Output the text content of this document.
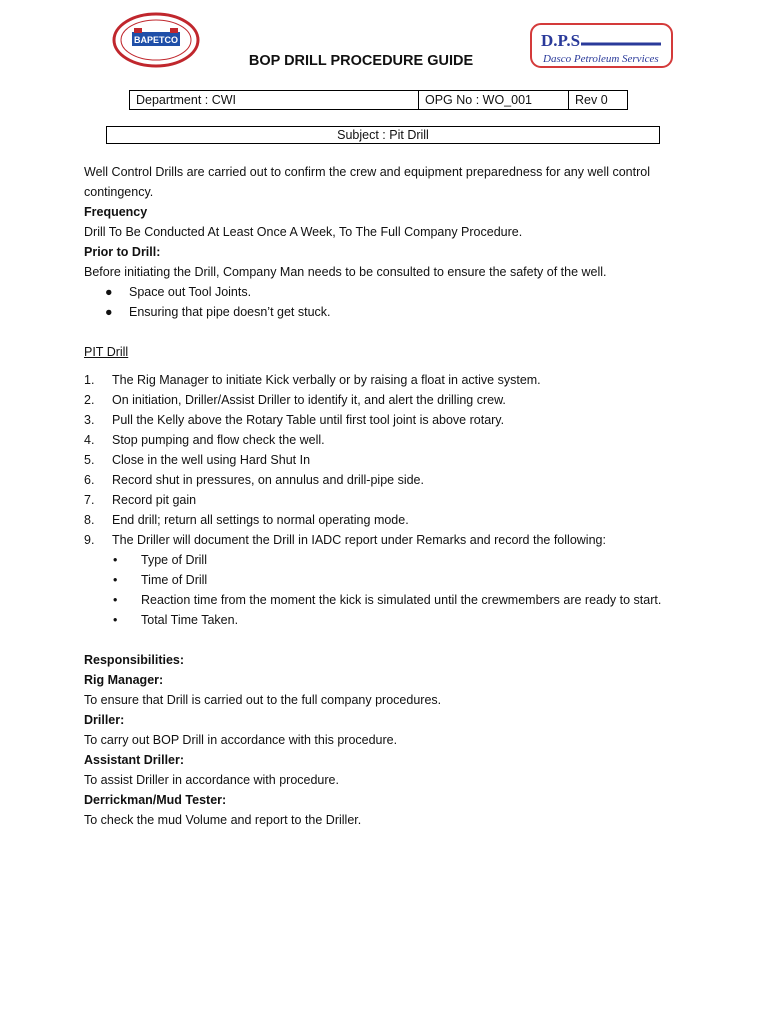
BAPETCO	D.P.S
Dasco Petroleum Services
BOP DRILL PROCEDURE GUIDE
Department : CWI	OPG No : WO_001	Rev 0
Subject : Pit Drill

Well Control Drills are carried out to confirm the crew and equipment preparedness for any well control contingency.

Frequency

Drill To Be Conducted At Least Once A Week, To The Full Company Procedure.

Prior to Drill:

Before initiating the Drill, Company Man needs to be consulted to ensure the safety of the well.

●	Space out Tool Joints.
●	Ensuring that pipe doesn’t get stuck.

PIT Drill

1.	The Rig Manager to initiate Kick verbally or by raising a float in active system.
2.	On initiation, Driller/Assist Driller to identify it, and alert the drilling crew.
3.	Pull the Kelly above the Rotary Table until first tool joint is above rotary.
4.	Stop pumping and flow check the well.
5.	Close in the well using Hard Shut In
6.	Record shut in pressures, on annulus and drill-pipe side.
7.	Record pit gain
8.	End drill; return all settings to normal operating mode.
9.	The Driller will document the Drill in IADC report under Remarks and record the following:
•	Type of Drill
•	Time of Drill
•	Reaction time from the moment the kick is simulated until the crewmembers are ready to start.
•	Total Time Taken.

Responsibilities:

Rig Manager:

To ensure that Drill is carried out to the full company procedures.

Driller:

To carry out BOP Drill in accordance with this procedure.

Assistant Driller:

To assist Driller in accordance with procedure.

Derrickman/Mud Tester:

To check the mud Volume and report to the Driller.
